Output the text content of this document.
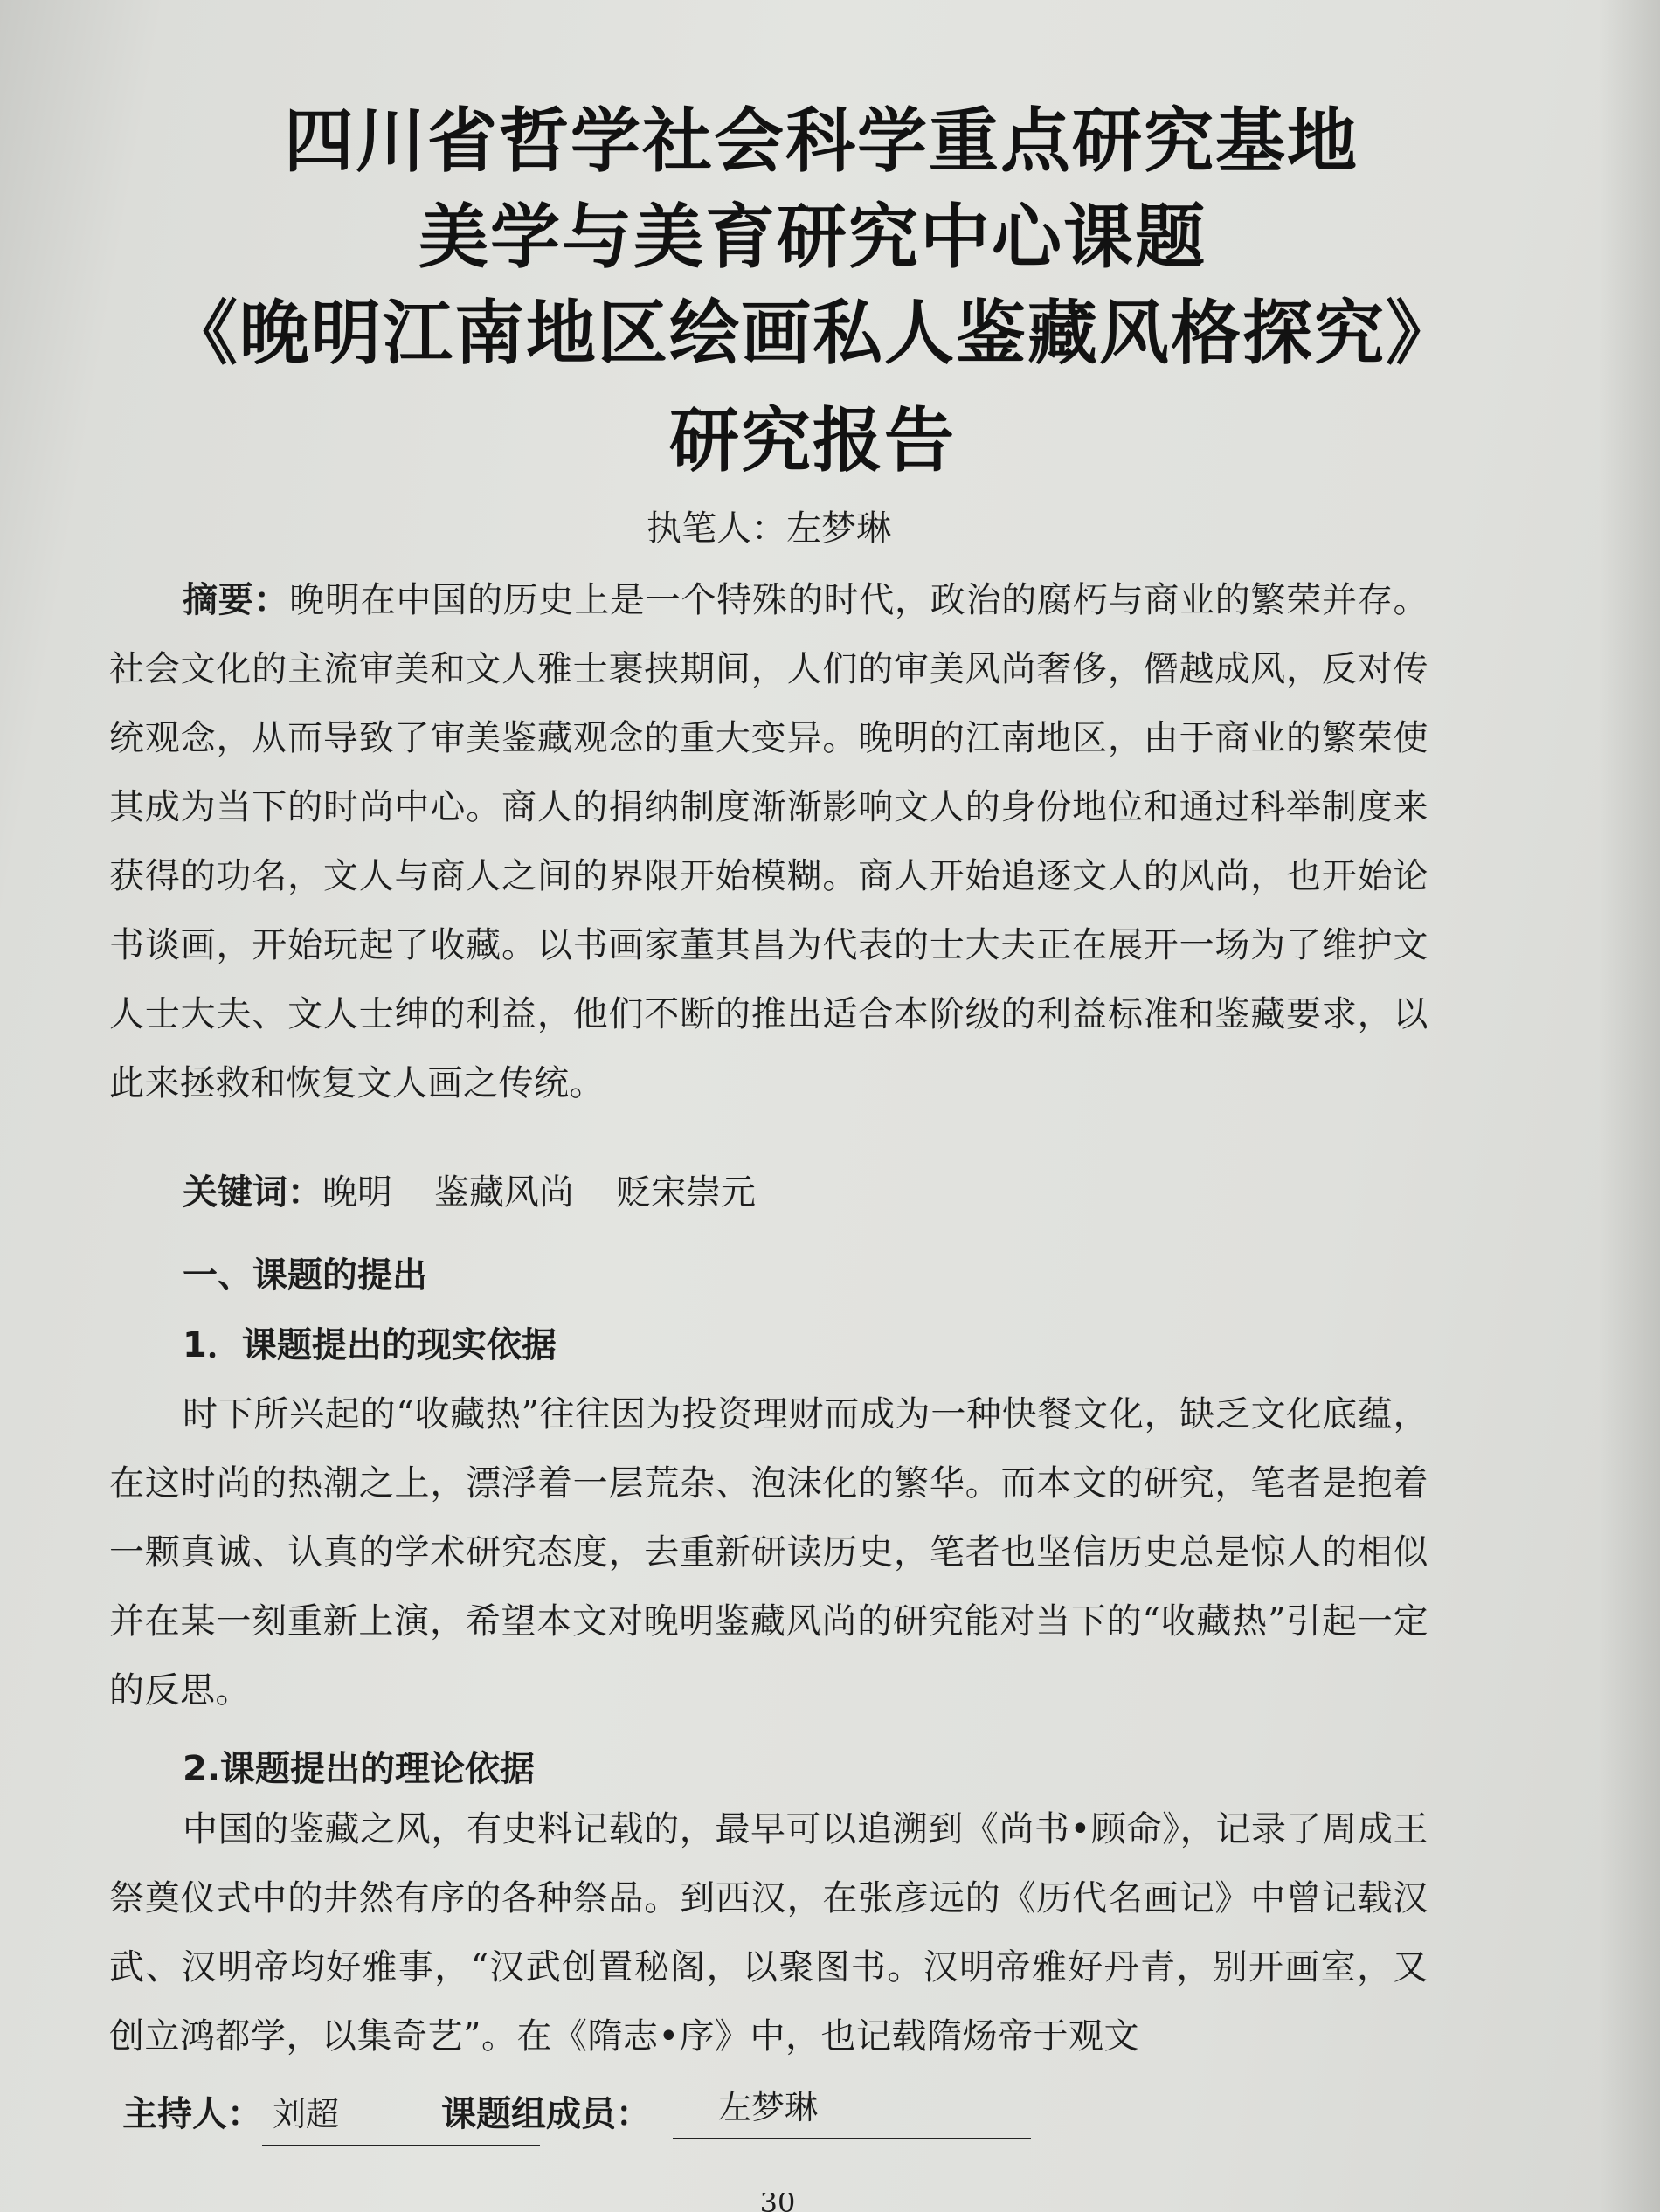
四川省哲学社会科学重点研究基地
美学与美育研究中心课题
《晚明江南地区绘画私人鉴藏风格探究》
研究报告
执笔人：左梦琳
摘要：晚明在中国的历史上是一个特殊的时代，政治的腐朽与商业的繁荣并存。社会文化的主流审美和文人雅士裹挟期间，人们的审美风尚奢侈，僭越成风，反对传统观念，从而导致了审美鉴藏观念的重大变异。晚明的江南地区，由于商业的繁荣使其成为当下的时尚中心。商人的捐纳制度渐渐影响文人的身份地位和通过科举制度来获得的功名，文人与商人之间的界限开始模糊。商人开始追逐文人的风尚，也开始论书谈画，开始玩起了收藏。以书画家董其昌为代表的士大夫正在展开一场为了维护文人士大夫、文人士绅的利益，他们不断的推出适合本阶级的利益标准和鉴藏要求，以此来拯救和恢复文人画之传统。
关键词：晚明 鉴藏风尚 贬宋崇元
一、课题的提出
1．课题提出的现实依据
时下所兴起的“收藏热”往往因为投资理财而成为一种快餐文化，缺乏文化底蕴，在这时尚的热潮之上，漂浮着一层荒杂、泡沫化的繁华。而本文的研究，笔者是抱着一颗真诚、认真的学术研究态度，去重新研读历史，笔者也坚信历史总是惊人的相似并在某一刻重新上演，希望本文对晚明鉴藏风尚的研究能对当下的“收藏热”引起一定的反思。
2.课题提出的理论依据
中国的鉴藏之风，有史料记载的，最早可以追溯到《尚书•顾命》，记录了周成王祭奠仪式中的井然有序的各种祭品。到西汉，在张彦远的《历代名画记》中曾记载汉武、汉明帝均好雅事，“汉武创置秘阁，以聚图书。汉明帝雅好丹青，别开画室，又创立鸿都学，以集奇艺”。在《隋志•序》中，也记载隋炀帝于观文
主持人： 刘超	课题组成员：	左梦琳
30
